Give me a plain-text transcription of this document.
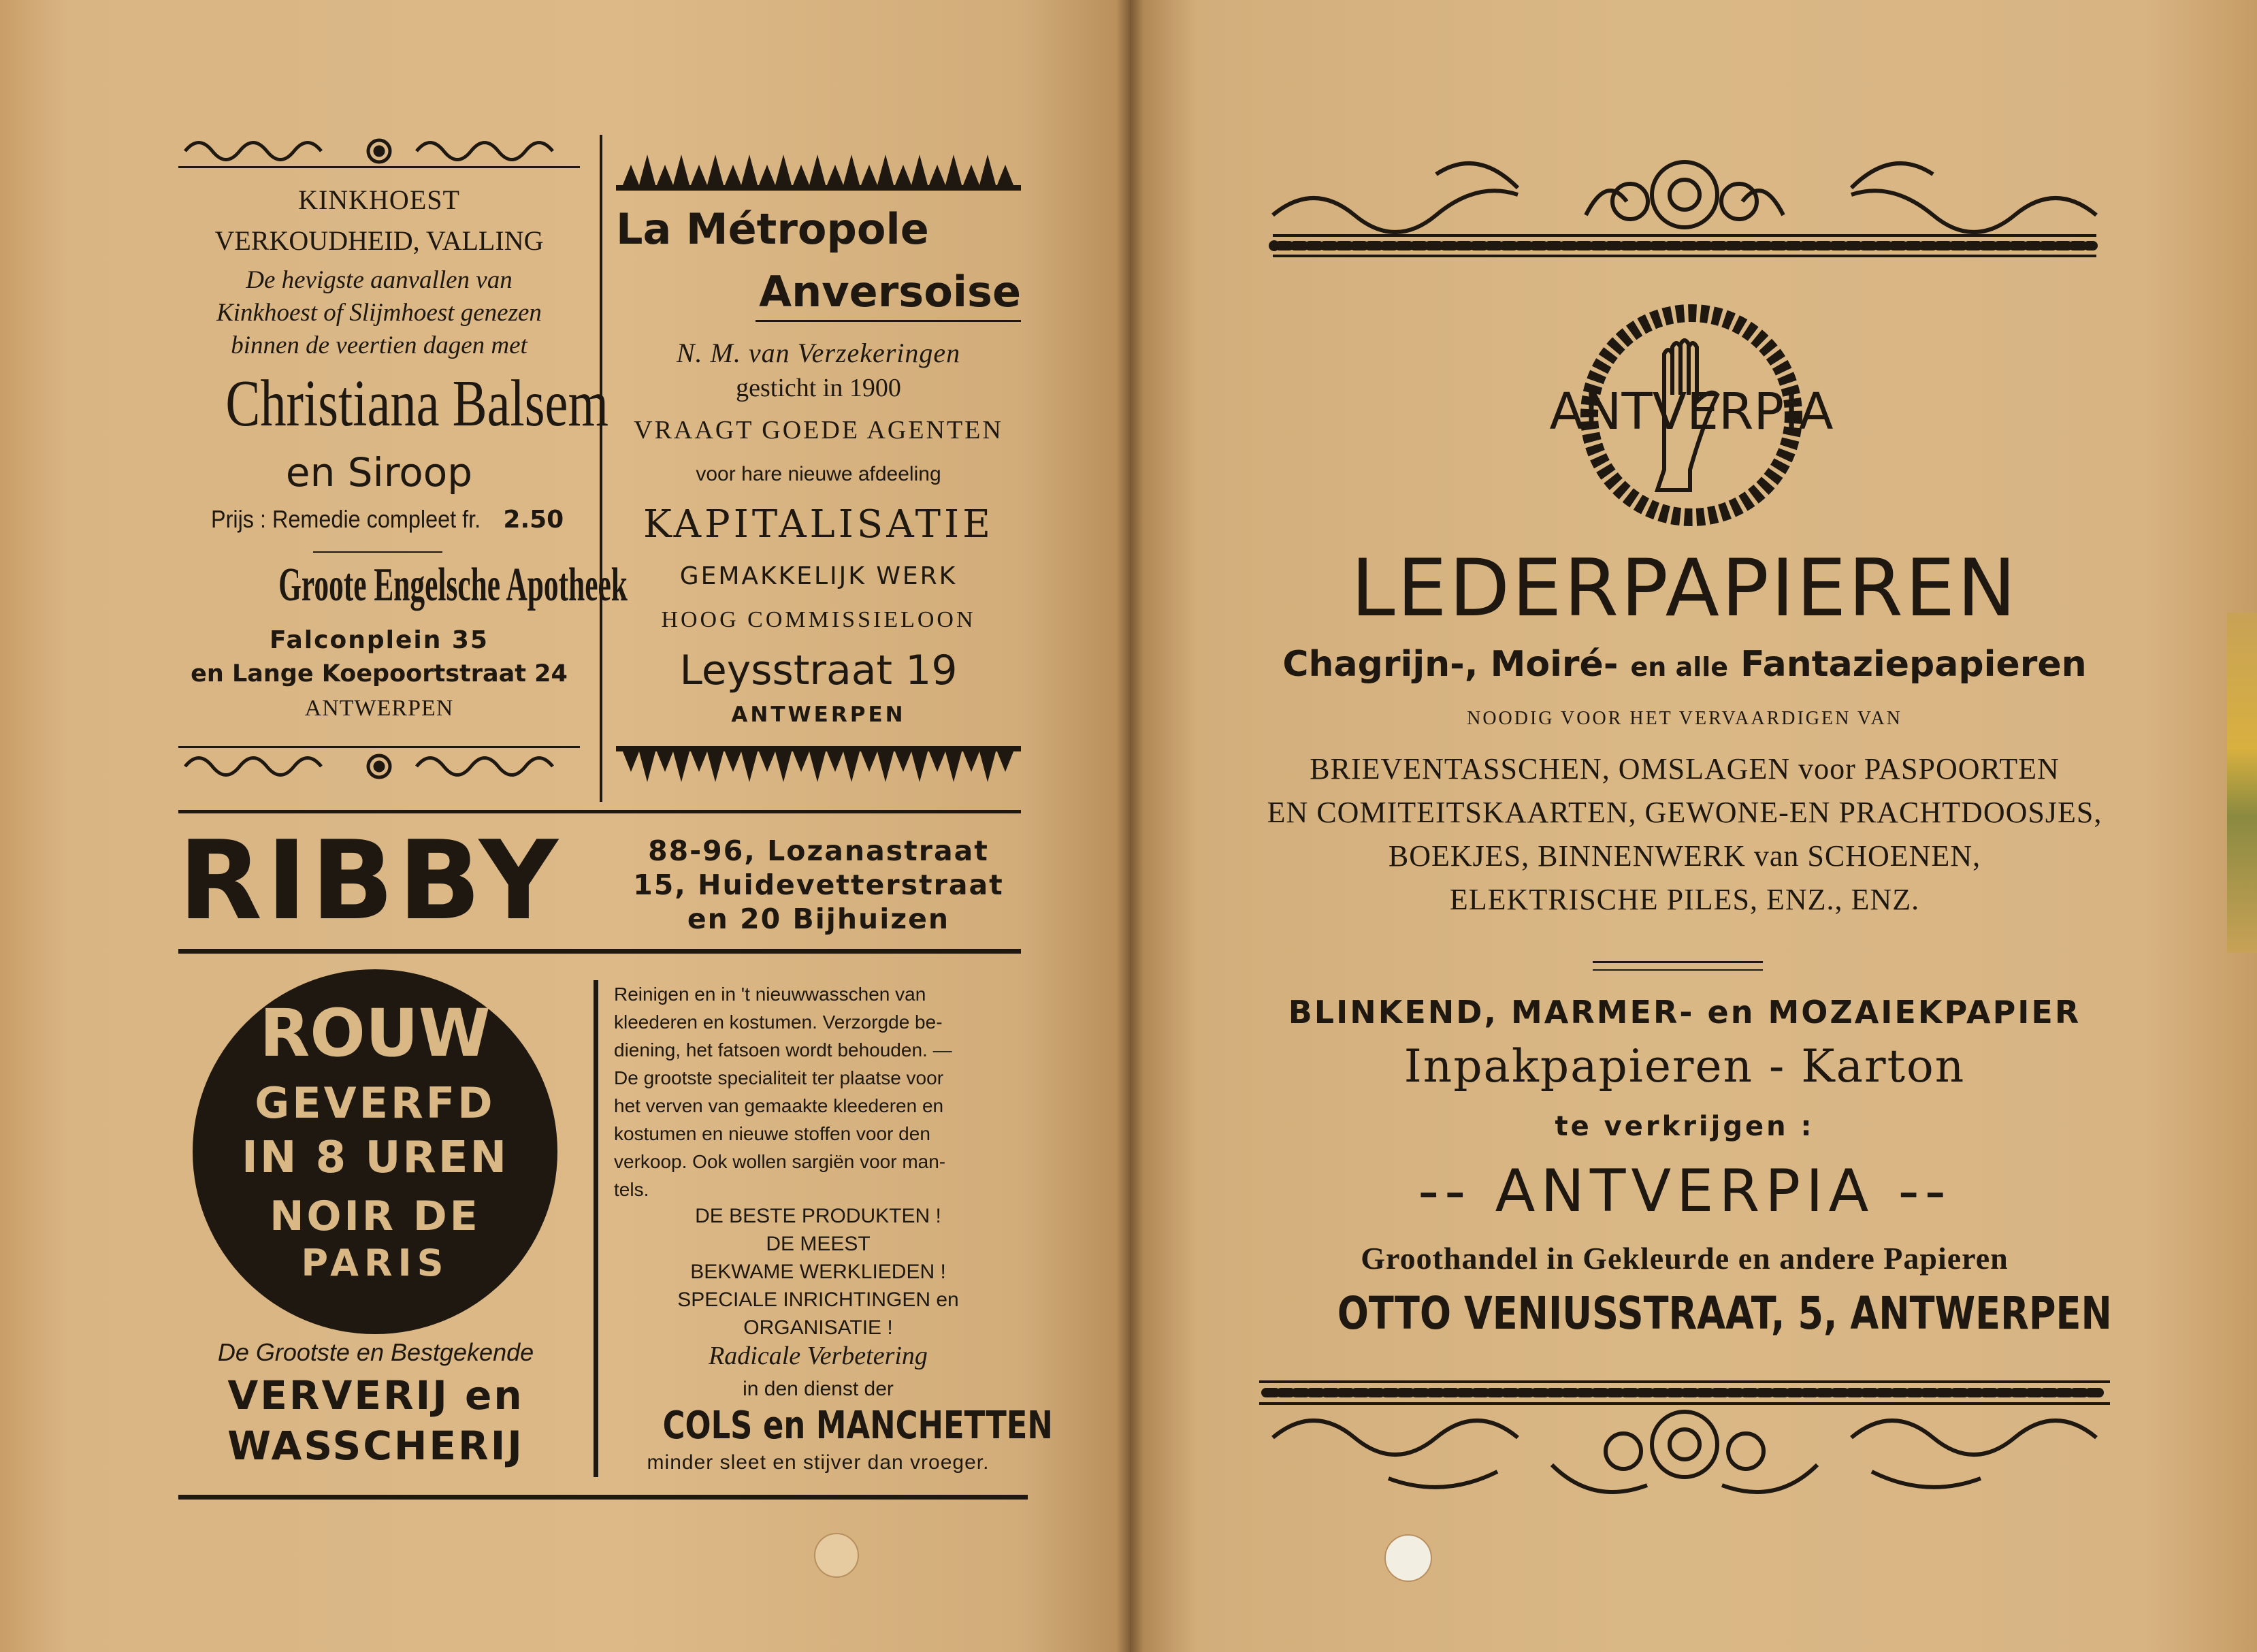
KINKHOEST
VERKOUDHEID, VALLING
De hevigste aanvallen van
Kinkhoest of Slijmhoest genezen
binnen de veertien dagen met
Christiana Balsem
en Siroop
Prijs : Remedie compleet fr. 2.50
Groote Engelsche Apotheek
Falconplein 35
en Lange Koepoortstraat 24
ANTWERPEN
La Métropole
Anversoise
N. M. van Verzekeringen
gesticht in 1900
VRAAGT GOEDE AGENTEN
voor hare nieuwe afdeeling
KAPITALISATIE
GEMAKKELIJK WERK
HOOG COMMISSIELOON
Leysstraat 19
ANTWERPEN
RIBBY	88-96, Lozanastraat
15, Huidevetterstraat
en 20 Bijhuizen
ROUW
GEVERFD
IN 8 UREN
NOIR DE
PARIS
De Grootste en Bestgekende
VERVERIJ en
WASSCHERIJ
Reinigen en in 't nieuwwasschen van
kleederen en kostumen. Verzorgde be-
diening, het fatsoen wordt behouden. —
De grootste specialiteit ter plaatse voor
het verven van gemaakte kleederen en
kostumen en nieuwe stoffen voor den
verkoop. Ook wollen sargiën voor man-
tels.
DE BESTE PRODUKTEN !
DE MEEST
BEKWAME WERKLIEDEN !
SPECIALE INRICHTINGEN en
ORGANISATIE !
Radicale Verbetering
in den dienst der
COLS en MANCHETTEN
minder sleet en stijver dan vroeger.
ANTVERPIA
LEDERPAPIEREN
Chagrijn-, Moiré- en alle Fantaziepapieren
NOODIG VOOR HET VERVAARDIGEN VAN
BRIEVENTASSCHEN, OMSLAGEN voor PASPOORTEN
EN COMITEITSKAARTEN, GEWONE-EN PRACHTDOOSJES,
BOEKJES, BINNENWERK van SCHOENEN,
ELEKTRISCHE PILES, ENZ., ENZ.
BLINKEND, MARMER- en MOZAIEKPAPIER
Inpakpapieren - Karton
te verkrijgen :
-- ANTVERPIA --
Groothandel in Gekleurde en andere Papieren
OTTO VENIUSSTRAAT, 5, ANTWERPEN
